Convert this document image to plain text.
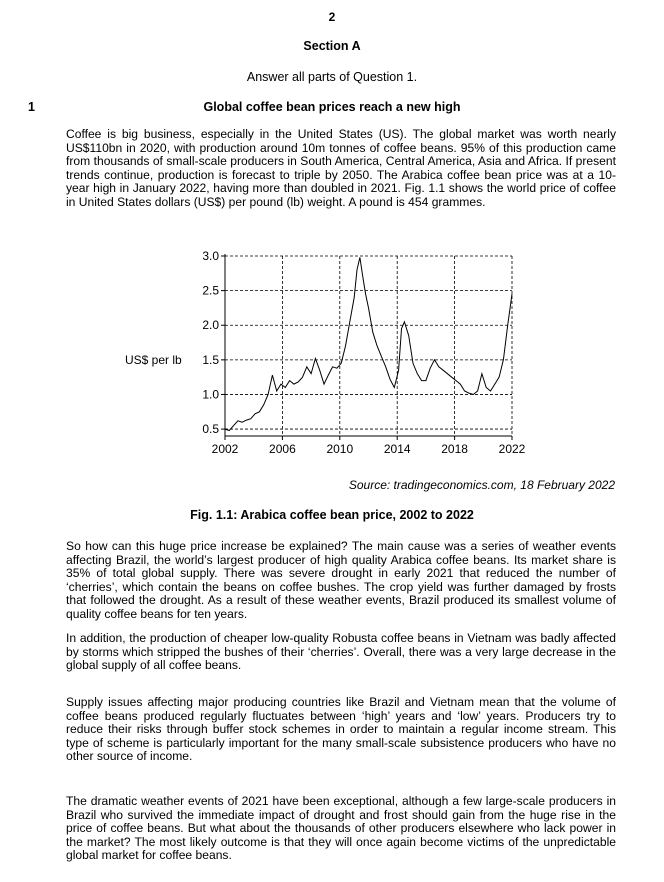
2
Section A
Answer all parts of Question 1.
1	Global coffee bean prices reach a new high

Coffee is big business, especially in the United States (US). The global market was worth nearly US$110bn in 2020, with production around 10m tonnes of coffee beans. 95% of this production came from thousands of small-scale producers in South America, Central America, Asia and Africa. If present trends continue, production is forecast to triple by 2050. The Arabica coffee bean price was at a 10-year high in January 2022, having more than doubled in 2021. Fig. 1.1 shows the world price of coffee in United States dollars (US$) per pound (lb) weight. A pound is 454 grammes.

0.5
1.0
1.5
2.0
2.5
3.0
2002	2006	2010	2014	2018	2022
US$ per lb
Source: tradingeconomics.com, 18 February 2022
Fig. 1.1: Arabica coffee bean price, 2002 to 2022

So how can this huge price increase be explained? The main cause was a series of weather events affecting Brazil, the world’s largest producer of high quality Arabica coffee beans. Its market share is 35% of total global supply. There was severe drought in early 2021 that reduced the number of ‘cherries’, which contain the beans on coffee bushes. The crop yield was further damaged by frosts that followed the drought. As a result of these weather events, Brazil produced its smallest volume of quality coffee beans for ten years.

In addition, the production of cheaper low-quality Robusta coffee beans in Vietnam was badly affected by storms which stripped the bushes of their ‘cherries’. Overall, there was a very large decrease in the global supply of all coffee beans.

Supply issues affecting major producing countries like Brazil and Vietnam mean that the volume of coffee beans produced regularly fluctuates between ‘high’ years and ‘low’ years. Producers try to reduce their risks through buffer stock schemes in order to maintain a regular income stream. This type of scheme is particularly important for the many small-scale subsistence producers who have no other source of income.

The dramatic weather events of 2021 have been exceptional, although a few large-scale producers in Brazil who survived the immediate impact of drought and frost should gain from the huge rise in the price of coffee beans. But what about the thousands of other producers elsewhere who lack power in the market? The most likely outcome is that they will once again become victims of the unpredictable global market for coffee beans.
